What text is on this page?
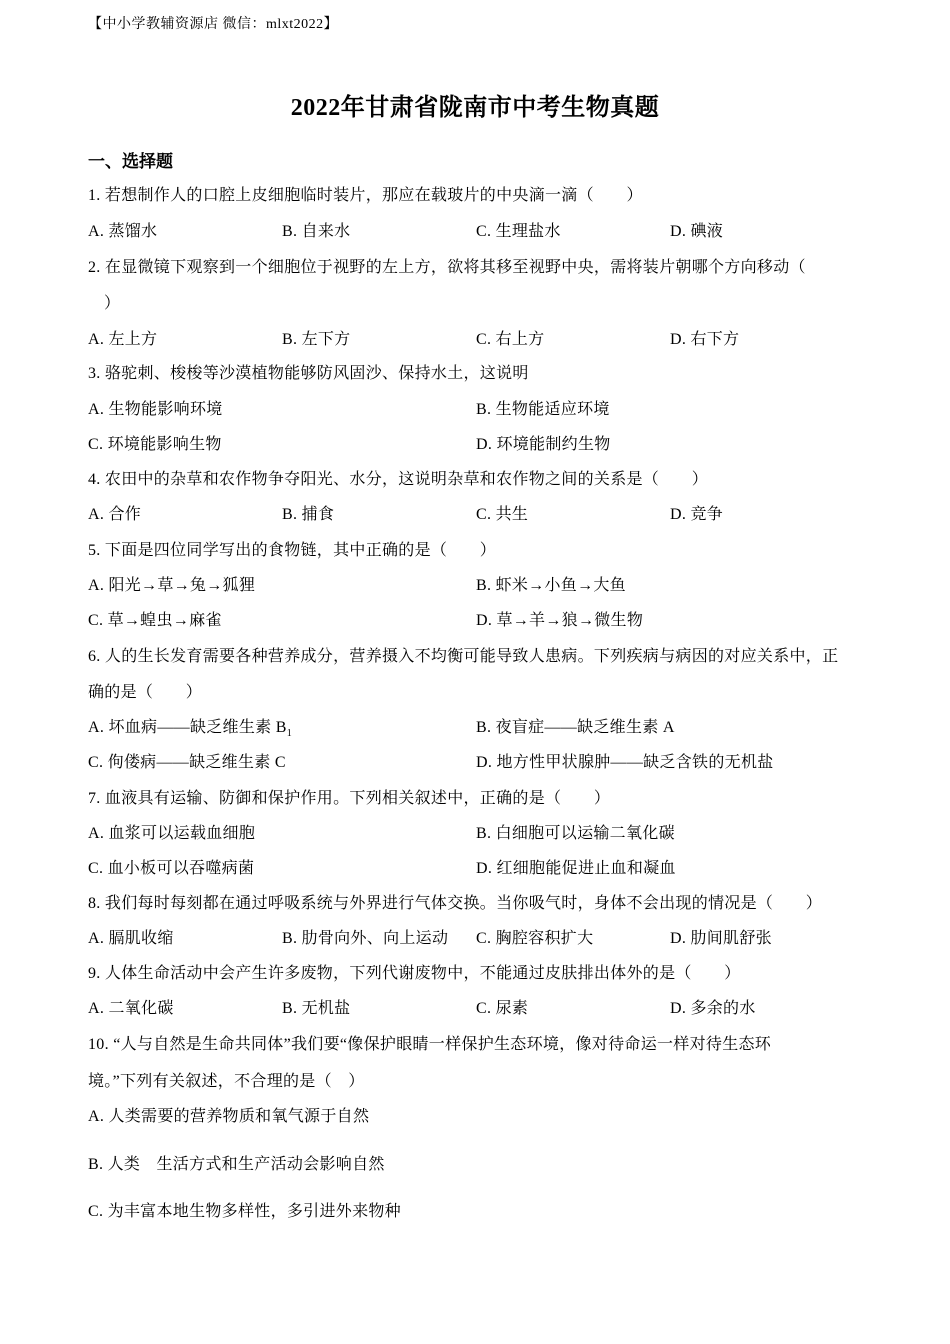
【中小学教辅资源店 微信：mlxt2022】
2022年甘肃省陇南市中考生物真题
一、选择题
1. 若想制作人的口腔上皮细胞临时装片，那应在载玻片的中央滴一滴（　　）
A. 蒸馏水	B. 自来水	C. 生理盐水	D. 碘液
2. 在显微镜下观察到一个细胞位于视野的左上方，欲将其移至视野中央，需将装片朝哪个方向移动（
）
A. 左上方	B. 左下方	C. 右上方	D. 右下方
3. 骆驼刺、梭梭等沙漠植物能够防风固沙、保持水土，这说明
A. 生物能影响环境	B. 生物能适应环境
C. 环境能影响生物	D. 环境能制约生物
4. 农田中的杂草和农作物争夺阳光、水分，这说明杂草和农作物之间的关系是（　　）
A. 合作	B. 捕食	C. 共生	D. 竞争
5. 下面是四位同学写出的食物链，其中正确的是（　　）
A. 阳光→草→兔→狐狸	B. 虾米→小鱼→大鱼
C. 草→蝗虫→麻雀	D. 草→羊→狼→微生物
6. 人的生长发育需要各种营养成分，营养摄入不均衡可能导致人患病。下列疾病与病因的对应关系中，正
确的是（　　）
A. 坏血病——缺乏维生素 $B_1$	B. 夜盲症——缺乏维生素 A
C. 佝偻病——缺乏维生素 C	D. 地方性甲状腺肿——缺乏含铁的无机盐
7. 血液具有运输、防御和保护作用。下列相关叙述中，正确的是（　　）
A. 血浆可以运载血细胞	B. 白细胞可以运输二氧化碳
C. 血小板可以吞噬病菌	D. 红细胞能促进止血和凝血
8. 我们每时每刻都在通过呼吸系统与外界进行气体交换。当你吸气时，身体不会出现的情况是（　　）
A. 膈肌收缩	B. 肋骨向外、向上运动 C. 胸腔容积扩大	D. 肋间肌舒张
9. 人体生命活动中会产生许多废物，下列代谢废物中，不能通过皮肤排出体外的是（　　）
A. 二氧化碳	B. 无机盐	C. 尿素	D. 多余的水
10. “人与自然是生命共同体”我们要“像保护眼睛一样保护生态环境，像对待命运一样对待生态环
境。”下列有关叙述，不合理的是（　）
A. 人类需要的营养物质和氧气源于自然
B. 人类　生活方式和生产活动会影响自然
C. 为丰富本地生物多样性，多引进外来物种
